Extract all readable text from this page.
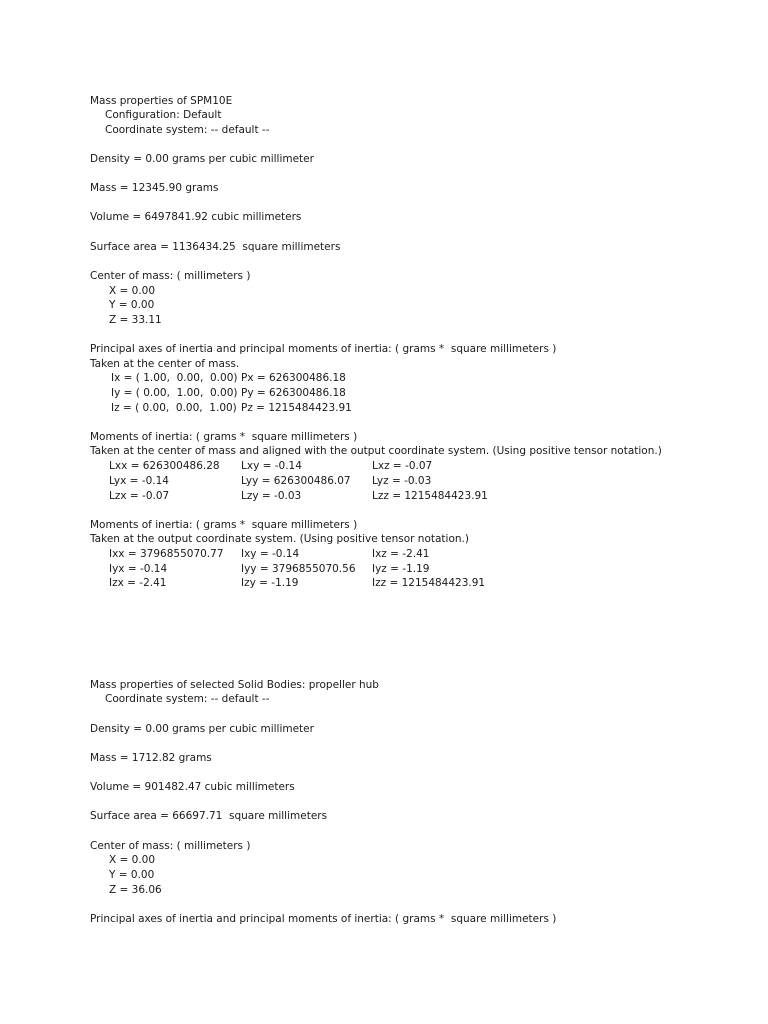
Mass properties of SPM10E
Configuration: Default
Coordinate system: -- default --
Density = 0.00 grams per cubic millimeter
Mass = 12345.90 grams
Volume = 6497841.92 cubic millimeters
Surface area = 1136434.25  square millimeters
Center of mass: ( millimeters )
X = 0.00
Y = 0.00
Z = 33.11
Principal axes of inertia and principal moments of inertia: ( grams *  square millimeters )
Taken at the center of mass.
Ix = ( 1.00,  0.00,  0.00) Px = 626300486.18
Iy = ( 0.00,  1.00,  0.00) Py = 626300486.18
Iz = ( 0.00,  0.00,  1.00) Pz = 1215484423.91
Moments of inertia: ( grams *  square millimeters )
Taken at the center of mass and aligned with the output coordinate system. (Using positive tensor notation.)
Lxx = 626300486.28 Lxy = -0.14	Lxz = -0.07
Lyx = -0.14	Lyy = 626300486.07 Lyz = -0.03
Lzx = -0.07	Lzy = -0.03	Lzz = 1215484423.91
Moments of inertia: ( grams *  square millimeters )
Taken at the output coordinate system. (Using positive tensor notation.)
Ixx = 3796855070.77 Ixy = -0.14	Ixz = -2.41
Iyx = -0.14	Iyy = 3796855070.56 Iyz = -1.19
Izx = -2.41	Izy = -1.19	Izz = 1215484423.91
Mass properties of selected Solid Bodies: propeller hub
Coordinate system: -- default --
Density = 0.00 grams per cubic millimeter
Mass = 1712.82 grams
Volume = 901482.47 cubic millimeters
Surface area = 66697.71  square millimeters
Center of mass: ( millimeters )
X = 0.00
Y = 0.00
Z = 36.06
Principal axes of inertia and principal moments of inertia: ( grams *  square millimeters )
